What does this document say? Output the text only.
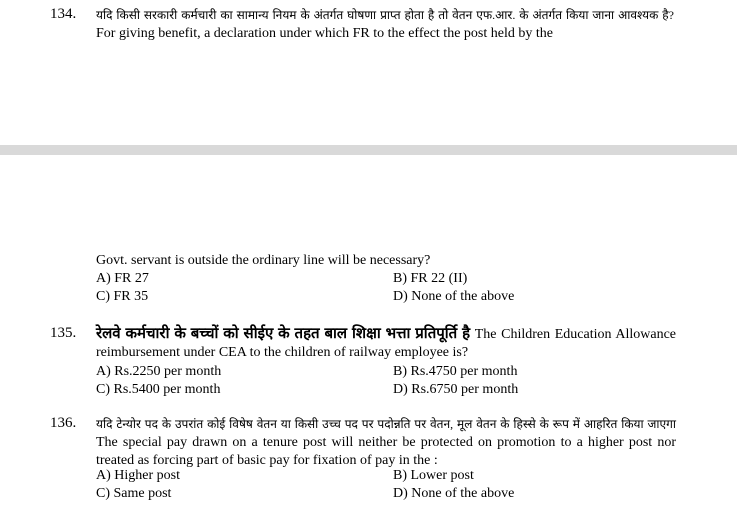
134. यदि किसी सरकारी कर्मचारी का सामान्य नियम के अंतर्गत घोषणा प्राप्त होता है तो वेतन एफ.आर. के अंतर्गत किया जाना आवश्यक है? For giving benefit, a declaration under which FR to the effect the post held by the
Govt. servant is outside the ordinary line will be necessary?
A) FR 27	B) FR 22 (II)
C) FR 35	D) None of the above
135. रेलवे कर्मचारी के बच्चों को सीईए के तहत बाल शिक्षा भत्ता प्रतिपूर्ति है The Children Education Allowance reimbursement under CEA to the children of railway employee is?
A) Rs.2250 per month	B) Rs.4750 per month
C) Rs.5400 per month	D) Rs.6750 per month
136. यदि टेन्योर पद के उपरांत कोई विषेष वेतन या किसी उच्च पद पर पदोन्नति पर वेतन, मूल वेतन के हिस्से के रूप में आहरित किया जाएगा The special pay drawn on a tenure post will neither be protected on promotion to a higher post nor treated as forcing part of basic pay for fixation of pay in the :
A) Higher post	B) Lower post
C) Same post	D) None of the above
